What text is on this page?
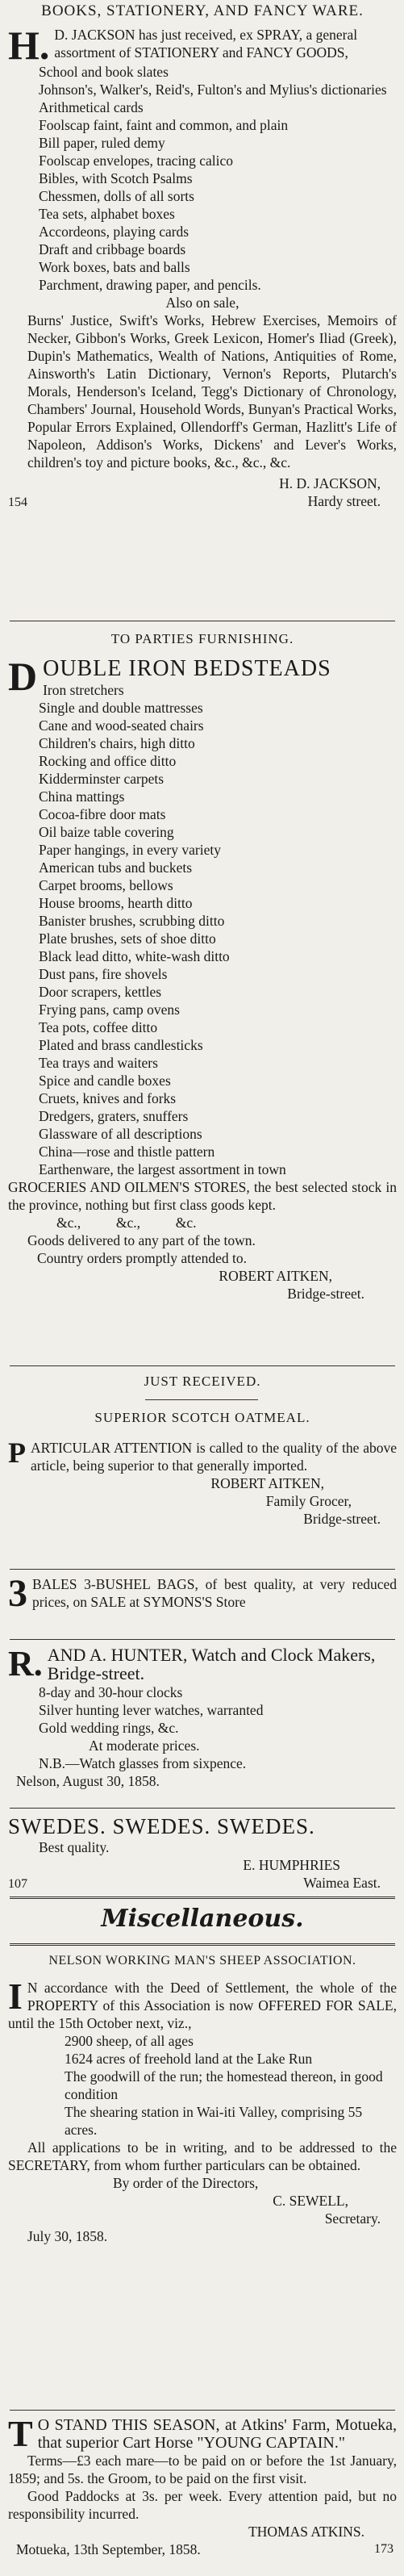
BOOKS, STATIONERY, AND FANCY WARE.

H. D. JACKSON has just received, ex SPRAY, a general assortment of STATIONERY and FANCY GOODS,

School and book slates

Johnson's, Walker's, Reid's, Fulton's and Mylius's dictionaries

Arithmetical cards

Foolscap faint, faint and common, and plain

Bill paper, ruled demy

Foolscap envelopes, tracing calico

Bibles, with Scotch Psalms

Chessmen, dolls of all sorts

Tea sets, alphabet boxes

Accordeons, playing cards

Draft and cribbage boards

Work boxes, bats and balls

Parchment, drawing paper, and pencils.

Also on sale,

Burns' Justice, Swift's Works, Hebrew Exercises, Memoirs of Necker, Gibbon's Works, Greek Lexicon, Homer's Iliad (Greek), Dupin's Mathematics, Wealth of Nations, Antiquities of Rome, Ainsworth's Latin Dictionary, Vernon's Reports, Plutarch's Morals, Henderson's Iceland, Tegg's Dictionary of Chronology, Chambers' Journal, Household Words, Bunyan's Practical Works, Popular Errors Explained, Ollendorff's German, Hazlitt's Life of Napoleon, Addison's Works, Dickens' and Lever's Works, children's toy and picture books, &c., &c., &c.

H. D. JACKSON,

154	Hardy street.

TO PARTIES FURNISHING.

D OUBLE IRON BEDSTEADS

Iron stretchers

Single and double mattresses

Cane and wood-seated chairs

Children's chairs, high ditto

Rocking and office ditto

Kidderminster carpets

China mattings

Cocoa-fibre door mats

Oil baize table covering

Paper hangings, in every variety

American tubs and buckets

Carpet brooms, bellows

House brooms, hearth ditto

Banister brushes, scrubbing ditto

Plate brushes, sets of shoe ditto

Black lead ditto, white-wash ditto

Dust pans, fire shovels

Door scrapers, kettles

Frying pans, camp ovens

Tea pots, coffee ditto

Plated and brass candlesticks

Tea trays and waiters

Spice and candle boxes

Cruets, knives and forks

Dredgers, graters, snuffers

Glassware of all descriptions

China—rose and thistle pattern

Earthenware, the largest assortment in town

GROCERIES AND OILMEN'S STORES, the best selected stock in the province, nothing but first class goods kept.

&c.,          &c.,          &c.

Goods delivered to any part of the town.

Country orders promptly attended to.

ROBERT AITKEN,

Bridge-street.

JUST RECEIVED.

SUPERIOR SCOTCH OATMEAL.

P ARTICULAR ATTENTION is called to the quality of the above article, being superior to that generally imported.

ROBERT AITKEN,

Family Grocer,

Bridge-street.

3 BALES 3-BUSHEL BAGS, of best quality, at very reduced prices, on SALE at SYMONS'S Store

R. AND A. HUNTER, Watch and Clock Makers, Bridge-street.

8-day and 30-hour clocks

Silver hunting lever watches, warranted

Gold wedding rings, &c.

At moderate prices.

N.B.—Watch glasses from sixpence.

Nelson, August 30, 1858.

SWEDES. SWEDES. SWEDES.

Best quality.

E. HUMPHRIES

107	Waimea East.

Miscellaneous.

NELSON WORKING MAN'S SHEEP ASSOCIATION.

I N accordance with the Deed of Settlement, the whole of the PROPERTY of this Association is now OFFERED FOR SALE, until the 15th October next, viz.,

2900 sheep, of all ages

1624 acres of freehold land at the Lake Run

The goodwill of the run; the homestead thereon, in good condition

The shearing station in Wai-iti Valley, comprising 55 acres.

All applications to be in writing, and to be addressed to the SECRETARY, from whom further particulars can be obtained.

By order of the Directors,

C. SEWELL,

Secretary.

July 30, 1858.

T O STAND THIS SEASON, at Atkins' Farm, Motueka, that superior Cart Horse "YOUNG CAPTAIN."

Terms—£3 each mare—to be paid on or before the 1st January, 1859; and 5s. the Groom, to be paid on the first visit.

Good Paddocks at 3s. per week. Every attention paid, but no responsibility incurred.

THOMAS ATKINS.

Motueka, 13th September, 1858.	173
